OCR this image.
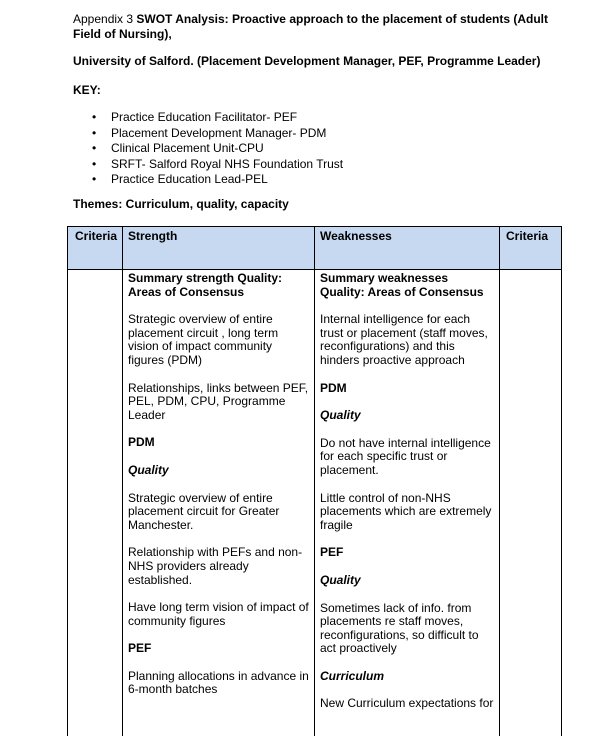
Appendix 3 SWOT Analysis: Proactive approach to the placement of students (Adult Field of Nursing),
University of Salford. (Placement Development Manager, PEF, Programme Leader)
KEY:
• Practice Education Facilitator- PEF
• Placement Development Manager- PDM
• Clinical Placement Unit-CPU
• SRFT- Salford Royal NHS Foundation Trust
• Practice Education Lead-PEL
Themes: Curriculum, quality, capacity
Criteria Strength	Weaknesses	Criteria

Summary strength Quality: Areas of Consensus

Strategic overview of entire placement circuit , long term vision of impact community figures (PDM)

Relationships, links between PEF, PEL, PDM, CPU, Programme Leader

PDM

Quality

Strategic overview of entire placement circuit for Greater Manchester.

Relationship with PEFs and non-NHS providers already established.

Have long term vision of impact of community figures

PEF

Planning allocations in advance in 6-month batches

Summary weaknesses Quality: Areas of Consensus

Internal intelligence for each trust or placement (staff moves, reconfigurations) and this hinders proactive approach

PDM

Quality

Do not have internal intelligence for each specific trust or placement.

Little control of non-NHS placements which are extremely fragile

PEF

Quality

Sometimes lack of info. from placements re staff moves, reconfigurations, so difficult to act proactively

Curriculum

New Curriculum expectations for
